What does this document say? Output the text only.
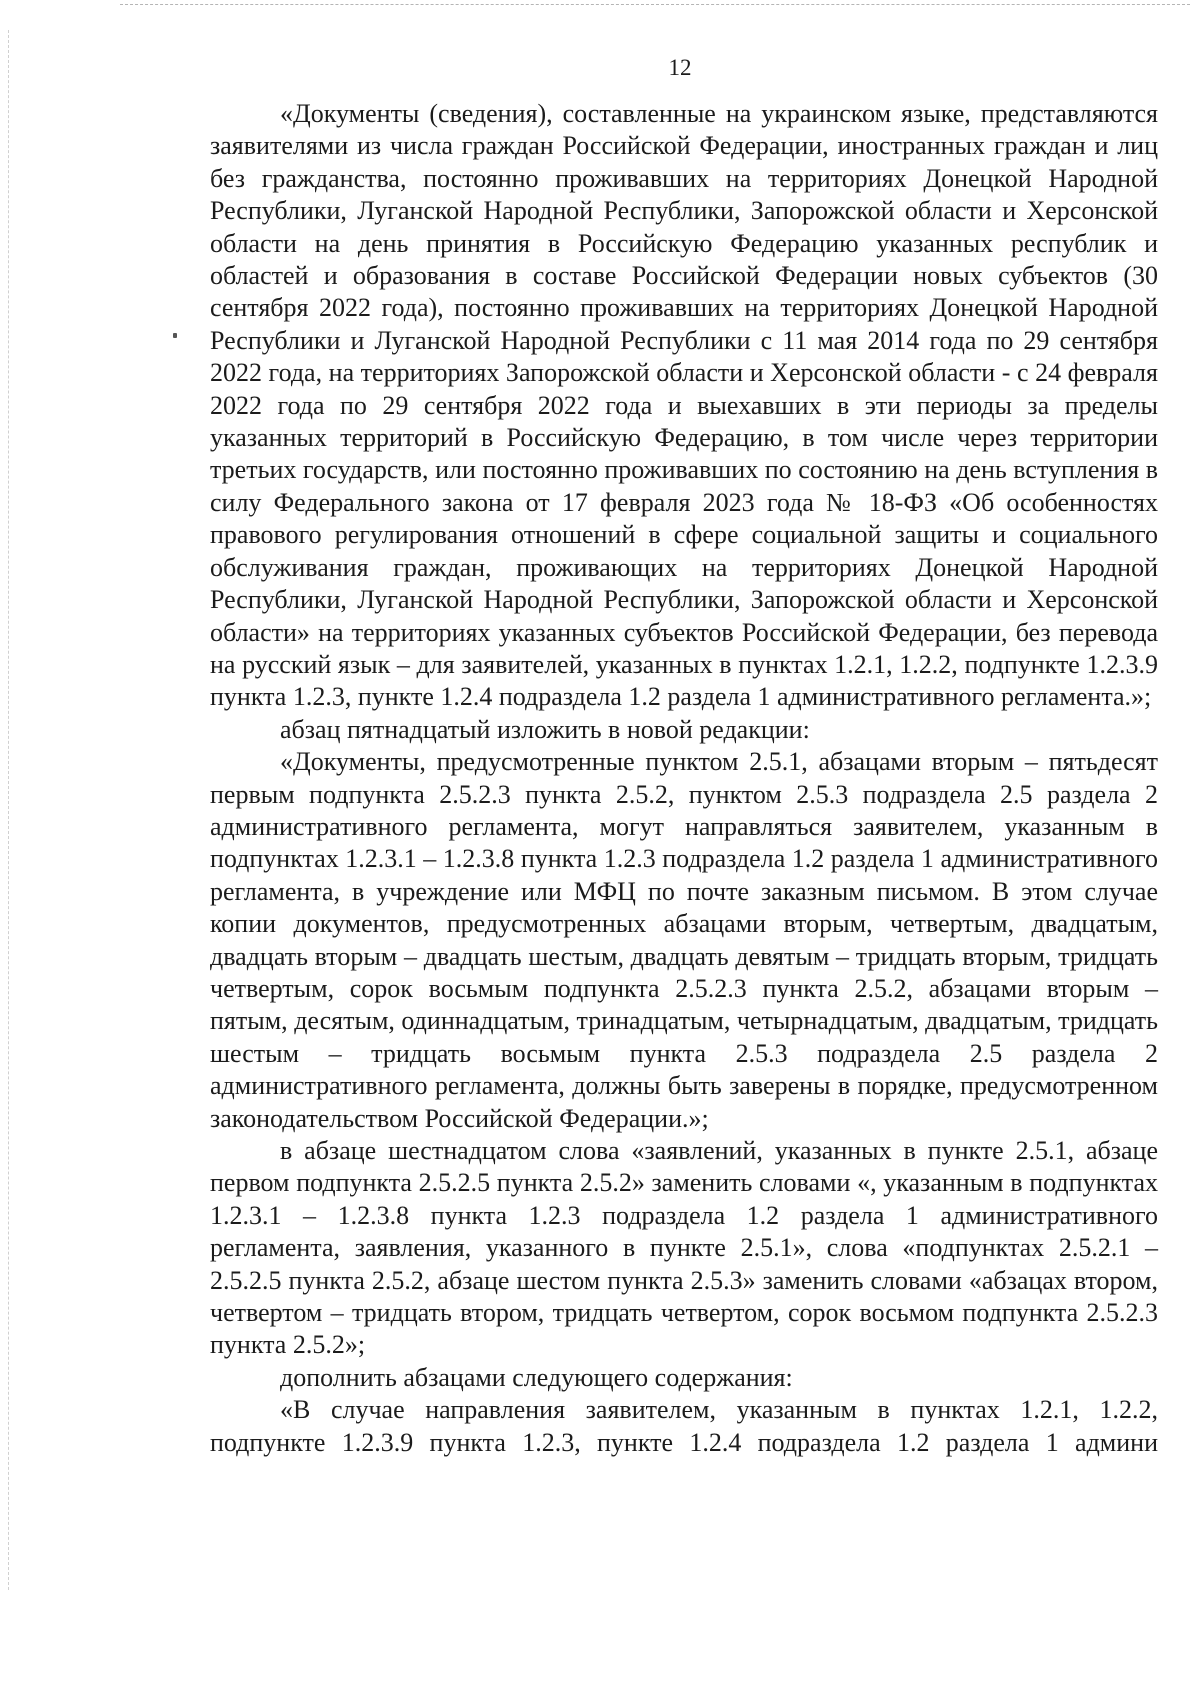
12

«Документы (сведения), составленные на украинском языке, представляются заявителями из числа граждан Российской Федерации, иностранных граждан и лиц без гражданства, постоянно проживавших на территориях Донецкой Народной Республики, Луганской Народной Республики, Запорожской области и Херсонской области на день принятия в Российскую Федерацию указанных республик и областей и образования в составе Российской Федерации новых субъектов (30 сентября 2022 года), постоянно проживавших на территориях Донецкой Народной Республики и Луганской Народной Республики с 11 мая 2014 года по 29 сентября 2022 года, на территориях Запорожской области и Херсонской области - с 24 февраля 2022 года по 29 сентября 2022 года и выехавших в эти периоды за пределы указанных территорий в Российскую Федерацию, в том числе через территории третьих государств, или постоянно проживавших по состоянию на день вступления в силу Федерального закона от 17 февраля 2023 года № 18-ФЗ «Об особенностях правового регулирования отношений в сфере социальной защиты и социального обслуживания граждан, проживающих на территориях Донецкой Народной Республики, Луганской Народной Республики, Запорожской области и Херсонской области» на территориях указанных субъектов Российской Федерации, без перевода на русский язык – для заявителей, указанных в пунктах 1.2.1, 1.2.2, подпункте 1.2.3.9 пункта 1.2.3, пункте 1.2.4 подраздела 1.2 раздела 1 административного регламента.»;

абзац пятнадцатый изложить в новой редакции:

«Документы, предусмотренные пунктом 2.5.1, абзацами вторым – пятьдесят первым подпункта 2.5.2.3 пункта 2.5.2, пунктом 2.5.3 подраздела 2.5 раздела 2 административного регламента, могут направляться заявителем, указанным в подпунктах 1.2.3.1 – 1.2.3.8 пункта 1.2.3 подраздела 1.2 раздела 1 административного регламента, в учреждение или МФЦ по почте заказным письмом. В этом случае копии документов, предусмотренных абзацами вторым, четвертым, двадцатым, двадцать вторым – двадцать шестым, двадцать девятым – тридцать вторым, тридцать четвертым, сорок восьмым подпункта 2.5.2.3 пункта 2.5.2, абзацами вторым – пятым, десятым, одиннадцатым, тринадцатым, четырнадцатым, двадцатым, тридцать шестым – тридцать восьмым пункта 2.5.3 подраздела 2.5 раздела 2 административного регламента, должны быть заверены в порядке, предусмотренном законодательством Российской Федерации.»;

в абзаце шестнадцатом слова «заявлений, указанных в пункте 2.5.1, абзаце первом подпункта 2.5.2.5 пункта 2.5.2» заменить словами «, указанным в подпунктах 1.2.3.1 – 1.2.3.8 пункта 1.2.3 подраздела 1.2 раздела 1 административного регламента, заявления, указанного в пункте 2.5.1», слова «подпунктах 2.5.2.1 – 2.5.2.5 пункта 2.5.2, абзаце шестом пункта 2.5.3» заменить словами «абзацах втором, четвертом – тридцать втором, тридцать четвертом, сорок восьмом подпункта 2.5.2.3 пункта 2.5.2»;

дополнить абзацами следующего содержания:

«В случае направления заявителем, указанным в пунктах 1.2.1, 1.2.2, подпункте 1.2.3.9 пункта 1.2.3, пункте 1.2.4 подраздела 1.2 раздела 1 админи
